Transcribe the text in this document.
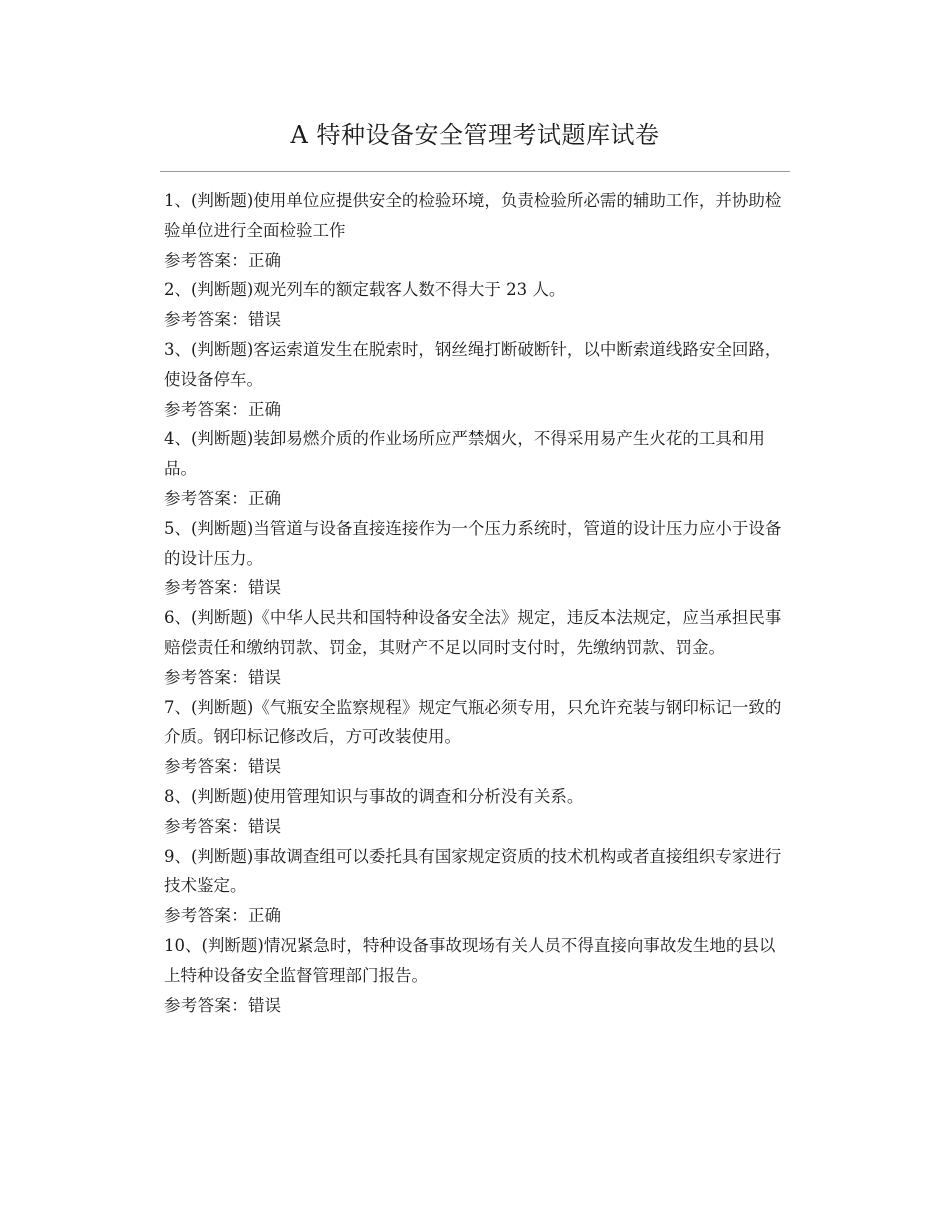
A 特种设备安全管理考试题库试卷

1、(判断题)使用单位应提供安全的检验环境，负责检验所必需的辅助工作，并协助检验单位进行全面检验工作

参考答案：正确

2、(判断题)观光列车的额定载客人数不得大于 23 人。

参考答案：错误

3、(判断题)客运索道发生在脱索时，钢丝绳打断破断针，以中断索道线路安全回路，使设备停车。

参考答案：正确

4、(判断题)装卸易燃介质的作业场所应严禁烟火，不得采用易产生火花的工具和用品。

参考答案：正确

5、(判断题)当管道与设备直接连接作为一个压力系统时，管道的设计压力应小于设备的设计压力。

参考答案：错误

6、(判断题)《中华人民共和国特种设备安全法》规定，违反本法规定，应当承担民事赔偿责任和缴纳罚款、罚金，其财产不足以同时支付时，先缴纳罚款、罚金。

参考答案：错误

7、(判断题)《气瓶安全监察规程》规定气瓶必须专用，只允许充装与钢印标记一致的介质。钢印标记修改后，方可改装使用。

参考答案：错误

8、(判断题)使用管理知识与事故的调查和分析没有关系。

参考答案：错误

9、(判断题)事故调查组可以委托具有国家规定资质的技术机构或者直接组织专家进行技术鉴定。

参考答案：正确

10、(判断题)情况紧急时，特种设备事故现场有关人员不得直接向事故发生地的县以上特种设备安全监督管理部门报告。

参考答案：错误
